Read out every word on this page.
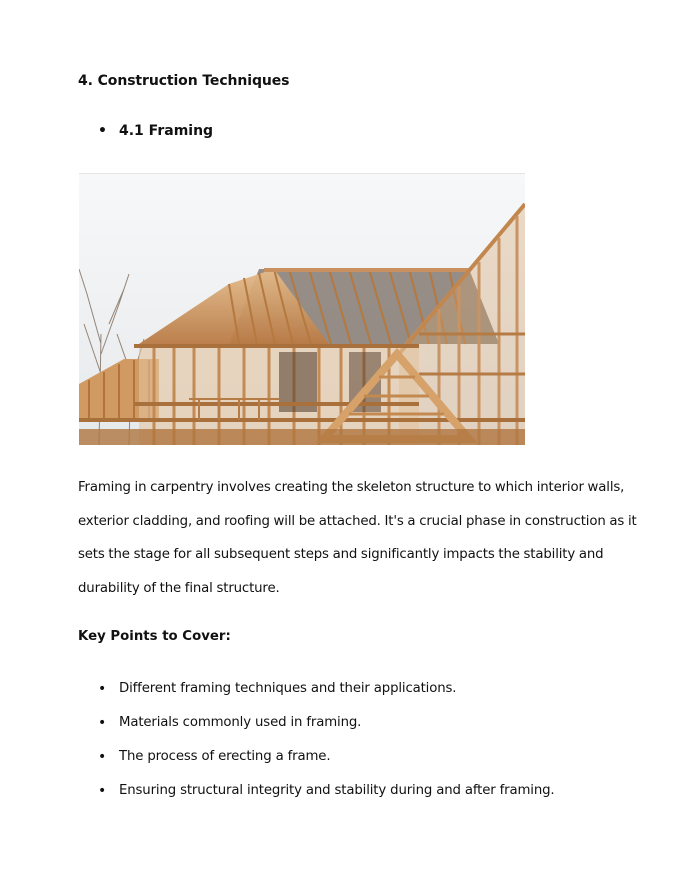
4. Construction Techniques
• 4.1 Framing

Framing in carpentry involves creating the skeleton structure to which interior walls, exterior cladding, and roofing will be attached. It's a crucial phase in construction as it sets the stage for all subsequent steps and significantly impacts the stability and durability of the final structure.

Key Points to Cover:
• Different framing techniques and their applications.
• Materials commonly used in framing.
• The process of erecting a frame.
• Ensuring structural integrity and stability during and after framing.
